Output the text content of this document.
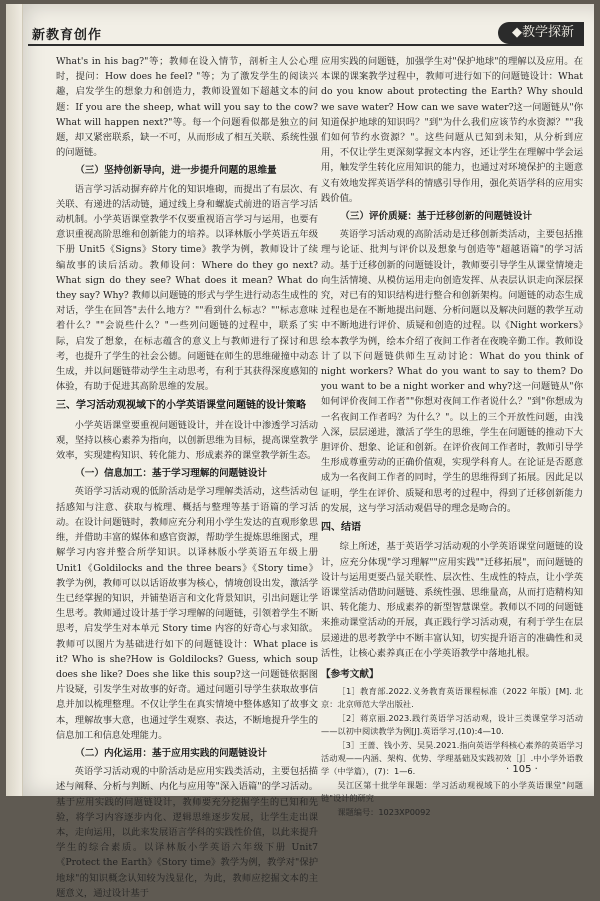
新教育创作	◆教学探新

What's in his bag?"等；教师在设入情节，剖析主人公心理时，提问：How does he feel? "等；为了激发学生的阅读兴趣，启发学生的想象力和创造力，教师设置如下超越文本的问题：If you are the sheep, what will you say to the cow? What will happen next?"等。每一个问题看似都是独立的问题，却又紧密联系，缺一不可，从而形成了相互关联、系统性强的问题链。

（三）坚持创新导向，进一步提升问题的思维量

语言学习活动摒弃碎片化的知识堆砌，而提出了有层次、有关联、有递进的活动链，通过线上身和螺旋式前进的语言学习活动机制。小学英语课堂教学不仅要重视语言学习与运用，也要有意识重视高阶思维和创新能力的培养。以译林版小学英语五年级下册 Unit5《Signs》Story time》教学为例，教师设计了续编故事的读后活动。教师设问：Where do they go next? What sign do they see? What does it mean? What do they say? Why? 教师以问题链的形式与学生进行动态生成性的对话，学生在回答"去什么地方？""看到什么标志？""标志意味着什么？""会说些什么？"一些列问题链的过程中，联系了实际，启发了想象，在标志蕴含的意义上与教师进行了探讨和思考，也提升了学生的社会公德。问题链在师生的思维碰撞中动态生成，并以问题链带动学生主动思考，有利于其获得深度感知的体验，有助于促进其高阶思维的发展。

三、学习活动观视域下的小学英语课堂问题链的设计策略

小学英语课堂要重视问题链设计，并在设计中渗透学习活动观，坚持以核心素养为指向，以创新思维为目标，提高课堂教学效率，实现建构知识、转化能力、形成素养的课堂教学新生态。

（一）信息加工：基于学习理解的问题链设计

英语学习活动观的低阶活动是学习理解类活动，这些活动包括感知与注意、获取与梳理、概括与整理等基于语篇的学习活动。在设计问题链时，教师应充分利用小学生发达的直观形象思维，并借助丰富的媒体和感官资源，帮助学生提炼思维图式，理解学习内容并整合所学知识。以译林版小学英语五年级上册 Unit1《Goldilocks and the three bears》《Story time》教学为例，教师可以以话语故事为核心，情境创设出发，激活学生已经掌握的知识，并铺垫语言和文化背景知识，引出问题让学生思考。教师通过设计基于学习理解的问题链，引领着学生不断思考，启发学生对本单元 Story time 内容的好奇心与求知欲。教师可以图片为基础进行如下的问题链设计：What place is it? Who is she?How is Goldilocks? Guess, which soup does she like? Does she like this soup?这一问题链依据图片设疑，引发学生对故事的好奇。通过问题引导学生获取故事信息并加以梳理整理。不仅让学生在真实情境中整体感知了故事文本，理解故事大意，也通过学生观察、表达，不断地提升学生的信息加工和信息处理能力。

（二）内化运用：基于应用实践的问题链设计

英语学习活动观的中阶活动是应用实践类活动，主要包括描述与阐释、分析与判断、内化与应用等"深入语篇"的学习活动。基于应用实践的问题链设计，教师要充分挖掘学生的已知和先验，将学习内容逐步内化、逻辑思维逐步发展，让学生走出课本，走向运用，以此来发展语言学科的实践性价值，以此来提升学生的综合素质。以译林版小学英语六年级下册 Unit7《Protect the Earth》《Story time》教学为例，教学对"保护地球"的知识概念认知较为浅显化，为此，教师应挖掘文本的主题意义，通过设计基于

应用实践的问题链，加强学生对"保护地球"的理解以及应用。在本课的课案教学过程中，教师可进行如下的问题链设计：What do you know about protecting the Earth? Why should we save water? How can we save water?这一问题链从"你知道保护地球的知识吗？"到"为什么我们应该节约水资源？""我们如何节约水资源？"。这些问题从已知到未知，从分析到应用，不仅让学生更深刻掌握文本内容，还让学生在理解中学会运用，触发学生转化应用知识的能力，也通过对环境保护的主题意义有效地发挥英语学科的情感引导作用，强化英语学科的应用实践价值。

（三）评价质疑：基于迁移创新的问题链设计

英语学习活动观的高阶活动是迁移创新类活动，主要包括推理与论证、批判与评价以及想象与创造等"超越语篇"的学习活动。基于迁移创新的问题链设计，教师要引导学生从课堂情境走向生活情境、从模仿运用走向创造发挥、从表层认识走向深层探究，对已有的知识结构进行整合和创新架构。问题链的动态生成过程也是在不断地提出问题、分析问题以及解决问题的教学互动中不断地进行评价、质疑和创造的过程。以《Night workers》绘本教学为例，绘本介绍了夜间工作者在夜晚辛勤工作。教师设计了以下问题链供师生互动讨论：What do you think of night workers? What do you want to say to them? Do you want to be a night worker and why?这一问题链从"你如何评价夜间工作者""你想对夜间工作者说什么？"到"你想成为一名夜间工作者吗？为什么？"。以上的三个开放性问题，由浅入深，层层递进，激活了学生的思维，学生在问题链的推动下大胆评价、想象、论证和创新。在评价夜间工作者时，教师引导学生形成尊重劳动的正确价值观，实现学科育人。在论证是否愿意成为一名夜间工作者的同时，学生的思维得到了拓展。因此足以证明，学生在评价、质疑和思考的过程中，得到了迁移创新能力的发展，这与学习活动观倡导的理念是吻合的。

四、结语

综上所述，基于英语学习活动观的小学英语课堂问题链的设计，应充分体现"学习理解""应用实践""迁移拓展"，而问题链的设计与运用更要凸显关联性、层次性、生成性的特点，让小学英语课堂活动借助问题链、系统性强、思维量高，从而打造精构知识、转化能力、形成素养的新型智慧课堂。教师以不同的问题链来推动课堂活动的开展，真正践行学习活动观，有利于学生在层层递进的思考教学中不断丰富认知，切实提升语言的准确性和灵活性，让核心素养真正在小学英语教学中落地扎根。

【参考文献】

［1］教育部.2022.义务教育英语课程标准（2022 年版）[M]. 北京：北京师范大学出版社.

［2］蒋京丽.2023.践行英语学习活动观，设计三类课堂学习活动——以初中阅读教学为例[J].英语学习,(10):4—10.

［3］王蔷、钱小芳、吴昊.2021.指向英语学科核心素养的英语学习活动观——内涵、架构、优势、学理基础及实践初效［J］.中小学外语教学（中学篇），(7)：1—6.

吴江区第十批学年课题：学习活动观视域下的小学英语课堂"问题链"设计的研究

课题编号：1023XP0092

· 105 ·
